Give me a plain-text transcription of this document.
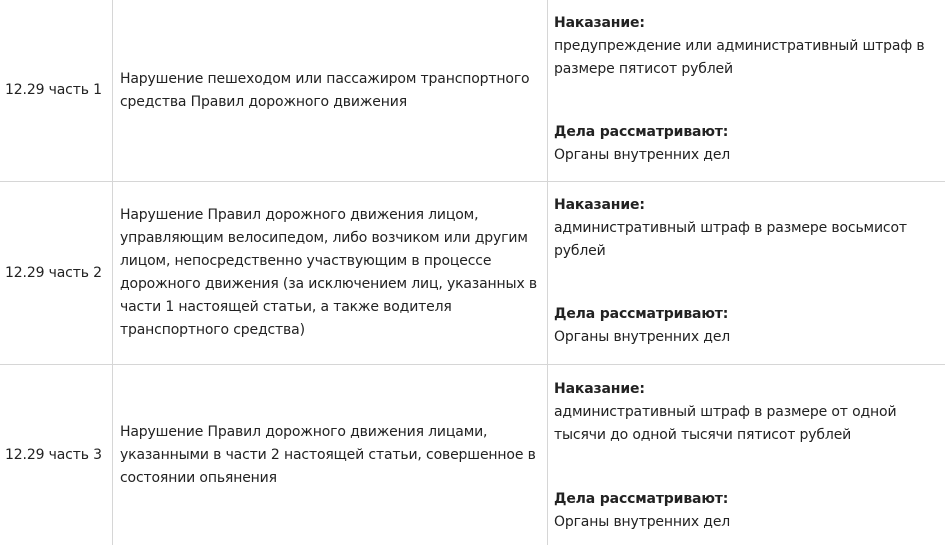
12.29 часть 1
Нарушение пешеходом или пассажиром транспортного средства Правил дорожного движения
Наказание:
предупреждение или административный штраф в размере пятисот рублей
Дела рассматривают:
Органы внутренних дел
12.29 часть 2
Нарушение Правил дорожного движения лицом, управляющим велосипедом, либо возчиком или другим лицом, непосредственно участвующим в процессе дорожного движения (за исключением лиц, указанных в части 1 настоящей статьи, а также водителя транспортного средства)
Наказание:
административный штраф в размере восьмисот рублей
Дела рассматривают:
Органы внутренних дел
12.29 часть 3
Нарушение Правил дорожного движения лицами, указанными в части 2 настоящей статьи, совершенное в состоянии опьянения
Наказание:
административный штраф в размере от одной тысячи до одной тысячи пятисот рублей
Дела рассматривают:
Органы внутренних дел
